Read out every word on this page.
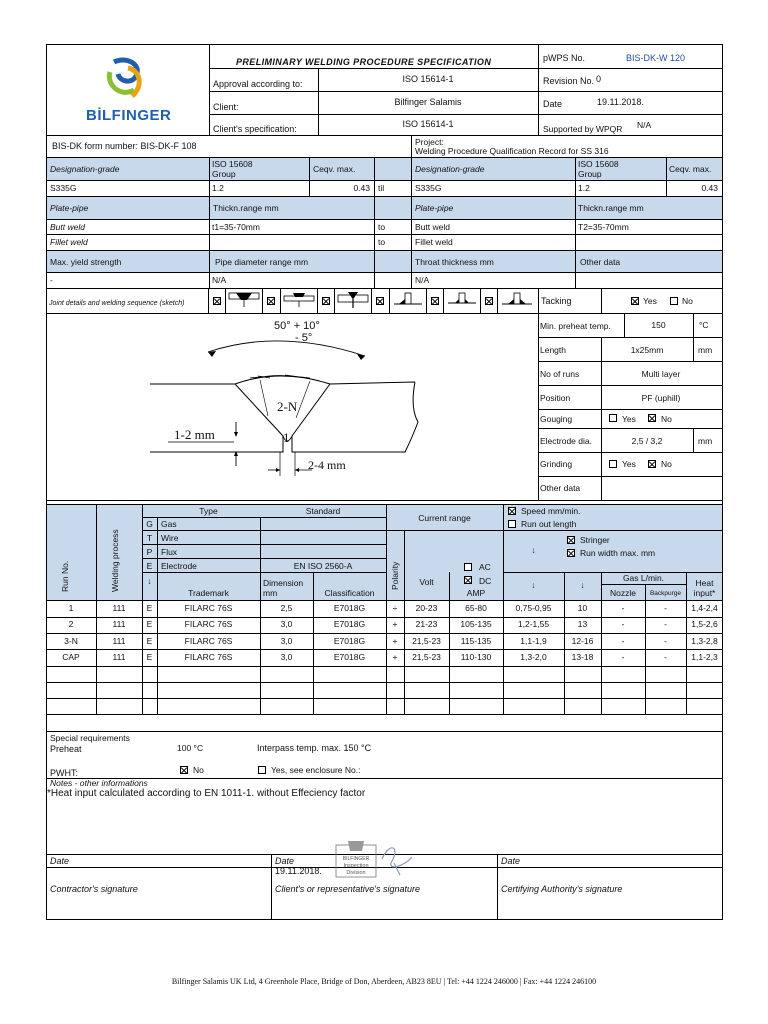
BİLFINGER
PRELIMINARY WELDING PROCEDURE SPECIFICATION
Approval according to:	ISO 15614-1
Client:	Bilfinger Salamis
Client's specification:	ISO 15614-1
pWPS No.	BIS-DK-W 120
Revision No. 0
Date	19.11.2018.
Supported by WPQR N/A
BIS-DK form number: BIS-DK-F 108	Project:
Welding Procedure Qualification Record for SS 316
Designation-grade	ISO 15608
Group	Ceqv. max.	Designation-grade	ISO 15608
Group	Ceqv. max.
S335G	1.2	0.43 til	S335G	1.2	0.43
Plate-pipe	Thickn.range mm	Plate-pipe	Thickn.range mm
Butt weld	t1=35-70mm	to	Butt weld	T2=35-70mm
Fillet weld	to	Fillet weld
Max. yield strength	Pipe diameter range mm	Throat thickness mm	Other data
-	N/A	N/A
Joint details and welding sequence (sketch)	Tacking	Yes	No
50° + 10°
- 5°
2-N
1
1-2 mm
2-4 mm
Min. preheat temp.	150	°C
Length	1x25mm	mm
No of runs	Multi layer
Position	PF (uphill)
Gouging	Yes	No
Electrode dia.	2,5 / 3,2	mm
Grinding	Yes	No
Other data
Run No.	Welding process
Type	Standard
G Gas
T	Wire
P	Flux
E	Electrode	EN ISO 2560-A
↓
Trademark
Dimension
mm	Classification
Current range
Polarity	AC
DC
Volt
AMP
Speed mm/min.
Run out length
↓
Stringer
Run width max. mm
↓	↓
Gas L/min.
Nozzle	Backpurge
Heat
input*
1	111	E	FILARC 76S	2,5	E7018G	÷	20-23	65-80	0,75-0,95	10	-	-	1,4-2,4
2	111	E	FILARC 76S	3,0	E7018G	+	21-23	105-135	1,2-1,55	13	-	-	1,5-2,6
3-N	111	E	FILARC 76S	3,0	E7018G	+	21,5-23	115-135	1,1-1,9	12-16	-	-	1,3-2,8
CAP	111	E	FILARC 76S	3,0	E7018G	+	21,5-23	110-130	1,3-2,0	13-18	-	-	1,1-2,3
Special requirements
Preheat	100 °C	Interpass temp. max. 150 °C
PWHT:	No	Yes, see enclosure No.:
Notes - other informations
*Heat input calculated according to EN 1011-1. without Effeciency factor
Date	Date
19.11.2018.
Date
BILFINGER
Inspection
Division
Contractor's signature	Client's or representative's signature	Certifying Authority's signature
Bilfinger Salamis UK Ltd, 4 Greenhole Place, Bridge of Don, Aberdeen, AB23 8EU | Tel: +44 1224 246000 | Fax: +44 1224 246100
